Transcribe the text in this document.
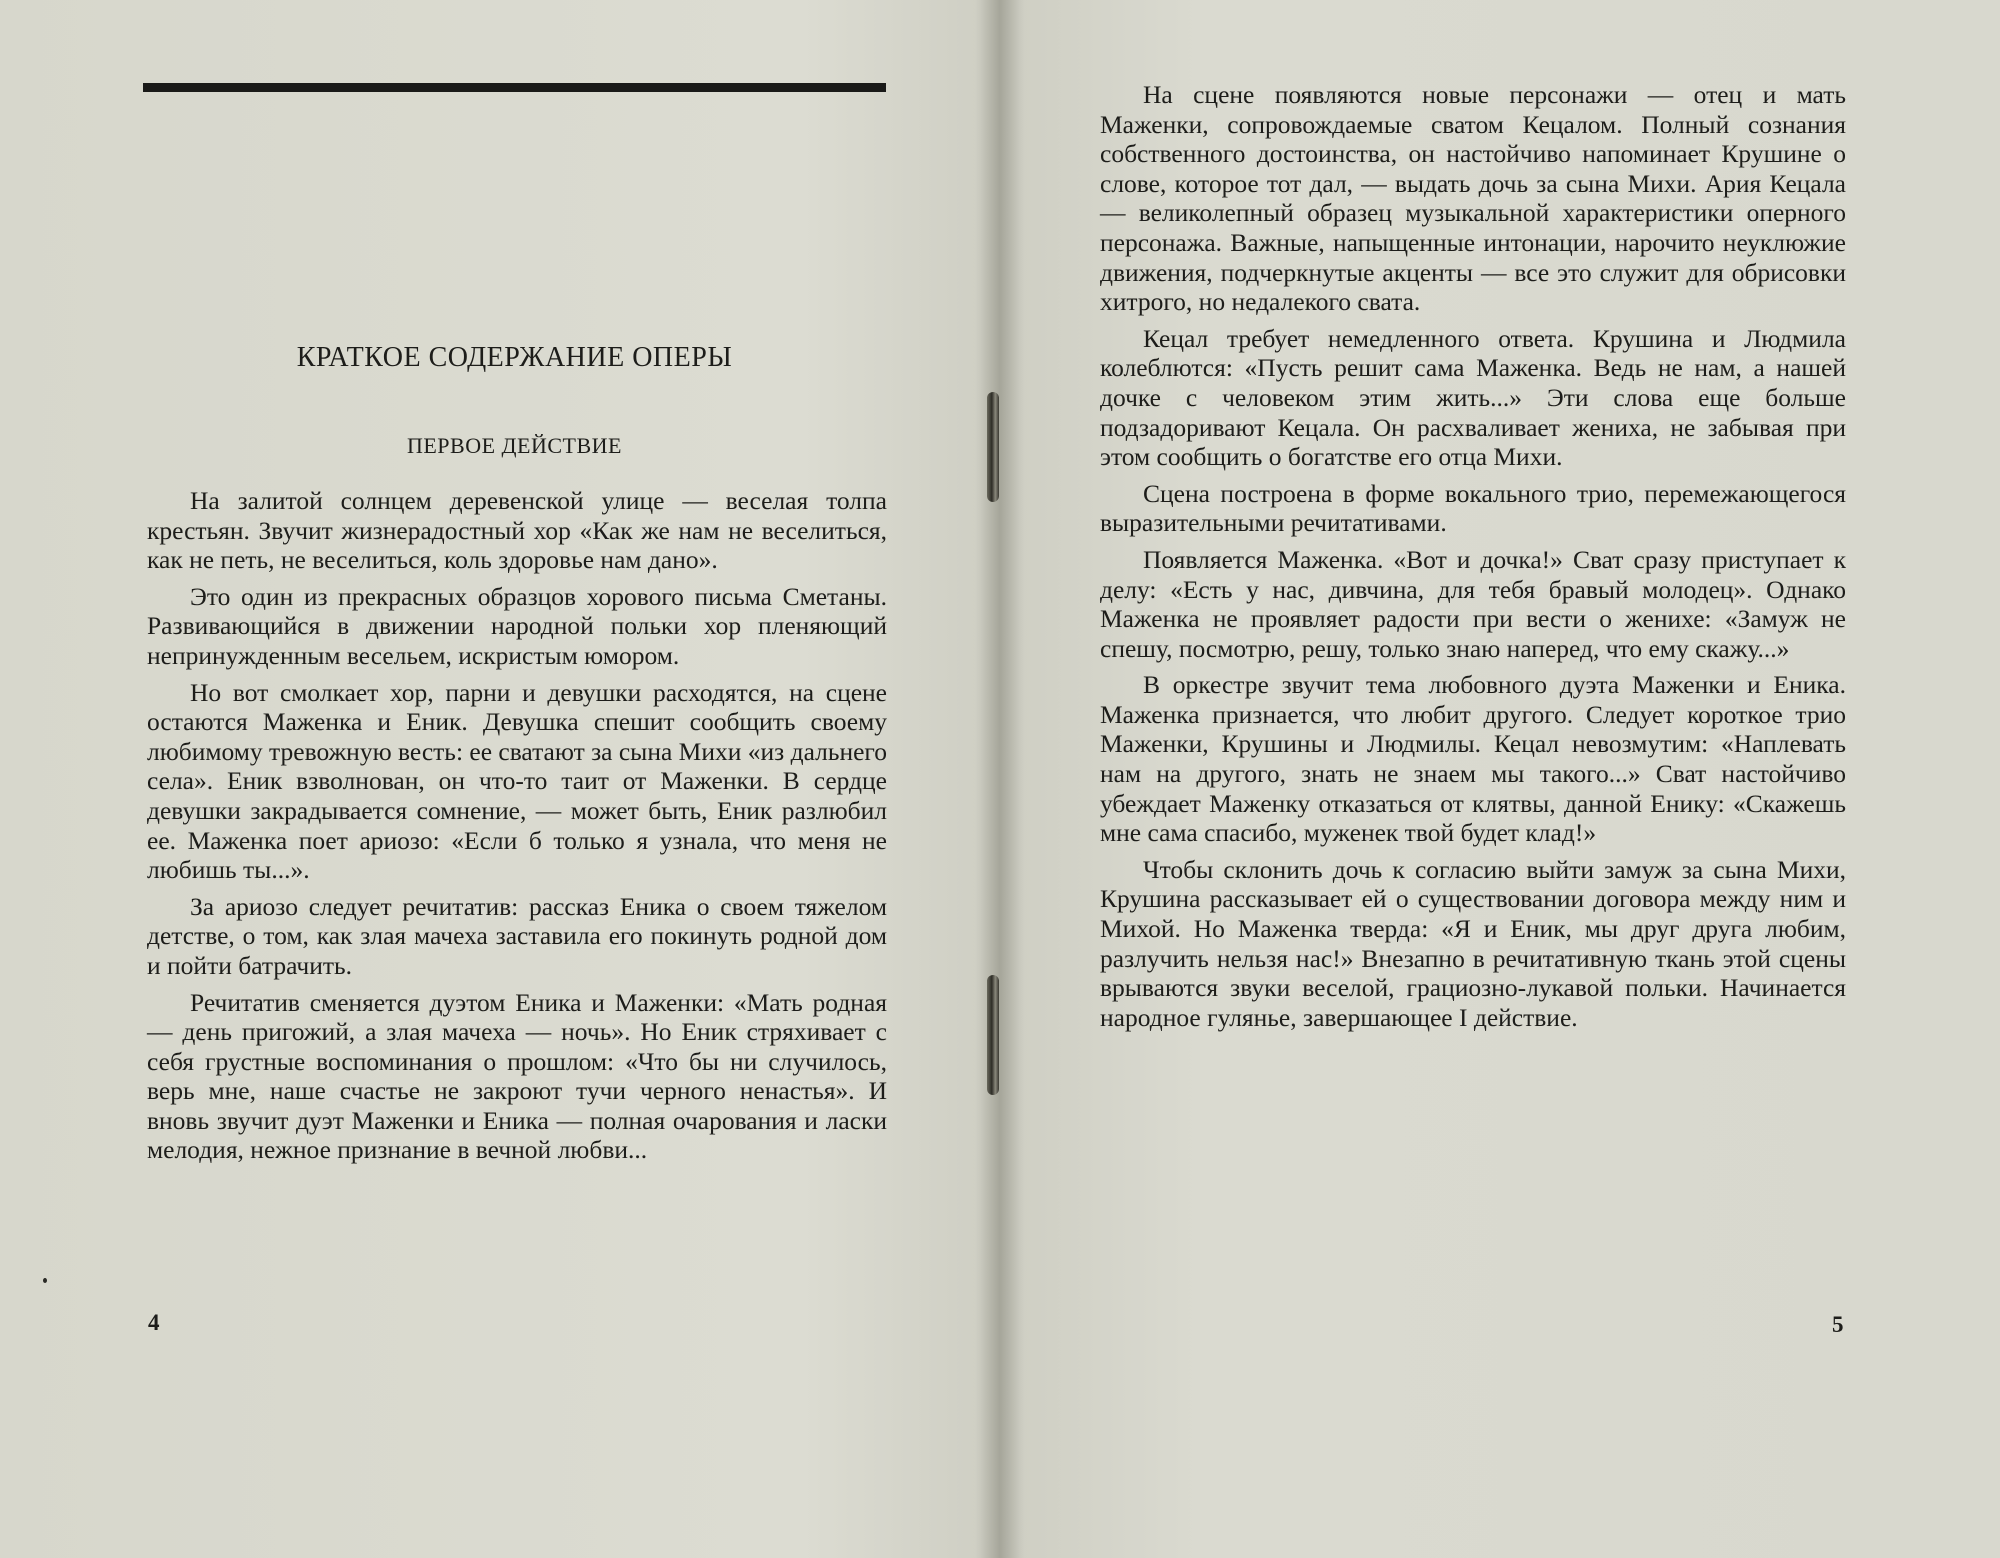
КРАТКОЕ СОДЕРЖАНИЕ ОПЕРЫ
ПЕРВОЕ ДЕЙСТВИЕ

На залитой солнцем деревенской улице — веселая толпа крестьян. Звучит жизнерадостный хор «Как же нам не веселиться, как не петь, не веселиться, коль здоровье нам дано».

Это один из прекрасных образцов хорового письма Сметаны. Развивающийся в движении народной польки хор пленяющий непринужденным весельем, искристым юмором.

Но вот смолкает хор, парни и девушки расходятся, на сцене остаются Маженка и Еник. Девушка спешит сообщить своему любимому тревожную весть: ее сватают за сына Михи «из дальнего села». Еник взволнован, он что-то таит от Маженки. В сердце девушки закрадывается сомнение, — может быть, Еник разлюбил ее. Маженка поет ариозо: «Если б только я узнала, что меня не любишь ты...».

За ариозо следует речитатив: рассказ Еника о своем тяжелом детстве, о том, как злая мачеха заставила его покинуть родной дом и пойти батрачить.

Речитатив сменяется дуэтом Еника и Маженки: «Мать родная — день пригожий, а злая мачеха — ночь». Но Еник стряхивает с себя грустные воспоминания о прошлом: «Что бы ни случилось, верь мне, наше счастье не закроют тучи черного ненастья». И вновь звучит дуэт Маженки и Еника — полная очарования и ласки мелодия, нежное признание в вечной любви...

4

На сцене появляются новые персонажи — отец и мать Маженки, сопровождаемые сватом Кецалом. Полный сознания собственного достоинства, он настойчиво напоминает Крушине о слове, которое тот дал, — выдать дочь за сына Михи. Ария Кецала — великолепный образец музыкальной характеристики оперного персонажа. Важные, напыщенные интонации, нарочито неуклюжие движения, подчеркнутые акценты — все это служит для обрисовки хитрого, но недалекого свата.

Кецал требует немедленного ответа. Крушина и Людмила колеблются: «Пусть решит сама Маженка. Ведь не нам, а нашей дочке с человеком этим жить...» Эти слова еще больше подзадоривают Кецала. Он расхваливает жениха, не забывая при этом сообщить о богатстве его отца Михи.

Сцена построена в форме вокального трио, перемежающегося выразительными речитативами.

Появляется Маженка. «Вот и дочка!» Сват сразу приступает к делу: «Есть у нас, дивчина, для тебя бравый молодец». Однако Маженка не проявляет радости при вести о женихе: «Замуж не спешу, посмотрю, решу, только знаю наперед, что ему скажу...»

В оркестре звучит тема любовного дуэта Маженки и Еника. Маженка признается, что любит другого. Следует короткое трио Маженки, Крушины и Людмилы. Кецал невозмутим: «Наплевать нам на другого, знать не знаем мы такого...» Сват настойчиво убеждает Маженку отказаться от клятвы, данной Енику: «Скажешь мне сама спасибо, муженек твой будет клад!»

Чтобы склонить дочь к согласию выйти замуж за сына Михи, Крушина рассказывает ей о существовании договора между ним и Михой. Но Маженка тверда: «Я и Еник, мы друг друга любим, разлучить нельзя нас!» Внезапно в речитативную ткань этой сцены врываются звуки веселой, грациозно-лукавой польки. Начинается народное гулянье, завершающее I действие.

5
